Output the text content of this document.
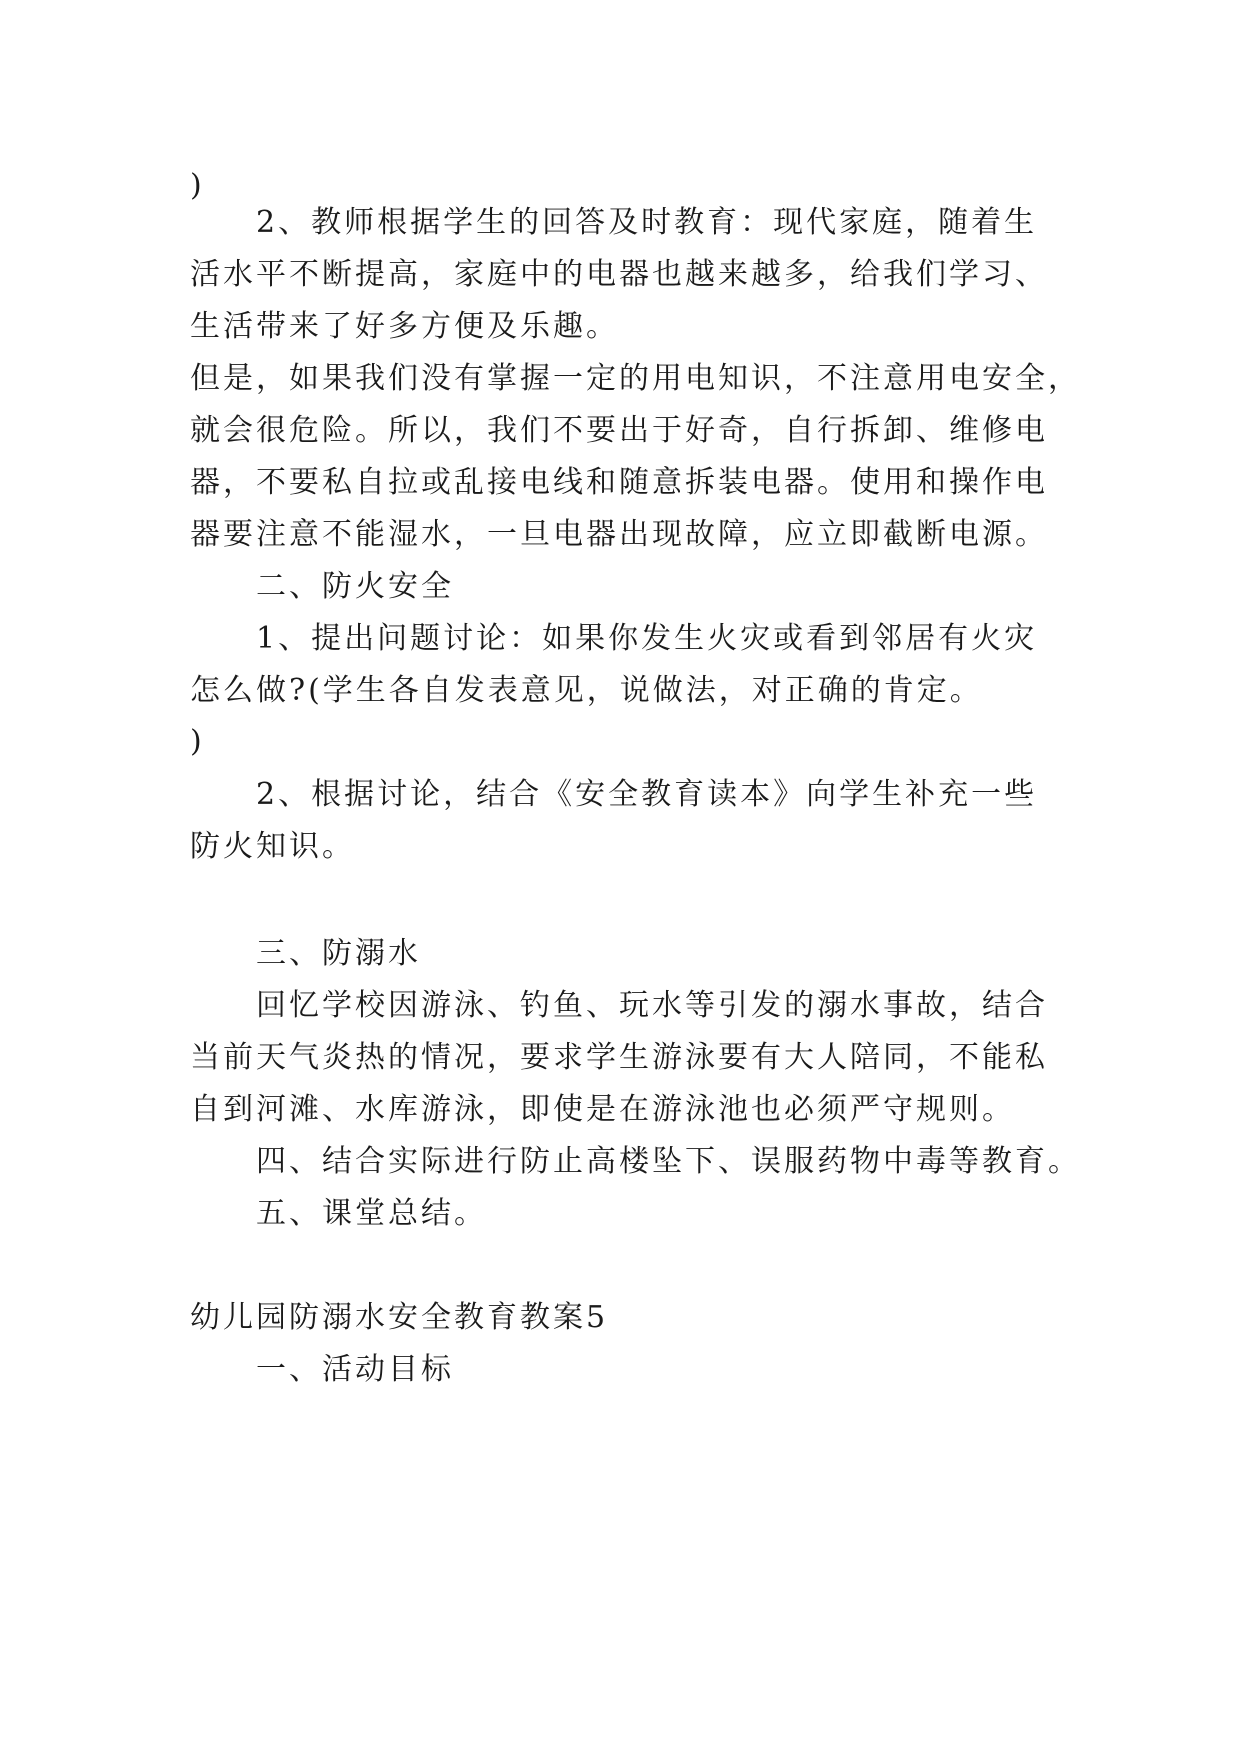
)
2、教师根据学生的回答及时教育：现代家庭，随着生
活水平不断提高，家庭中的电器也越来越多，给我们学习、
生活带来了好多方便及乐趣。
但是，如果我们没有掌握一定的用电知识，不注意用电安全，
就会很危险。所以，我们不要出于好奇，自行拆卸、维修电
器，不要私自拉或乱接电线和随意拆装电器。使用和操作电
器要注意不能湿水，一旦电器出现故障，应立即截断电源。
二、防火安全
1、提出问题讨论：如果你发生火灾或看到邻居有火灾
怎么做?(学生各自发表意见，说做法，对正确的肯定。
)
2、根据讨论，结合《安全教育读本》向学生补充一些
防火知识。
三、防溺水
回忆学校因游泳、钓鱼、玩水等引发的溺水事故，结合
当前天气炎热的情况，要求学生游泳要有大人陪同，不能私
自到河滩、水库游泳，即使是在游泳池也必须严守规则。
四、结合实际进行防止高楼坠下、误服药物中毒等教育。
五、课堂总结。
幼儿园防溺水安全教育教案5
一、活动目标
